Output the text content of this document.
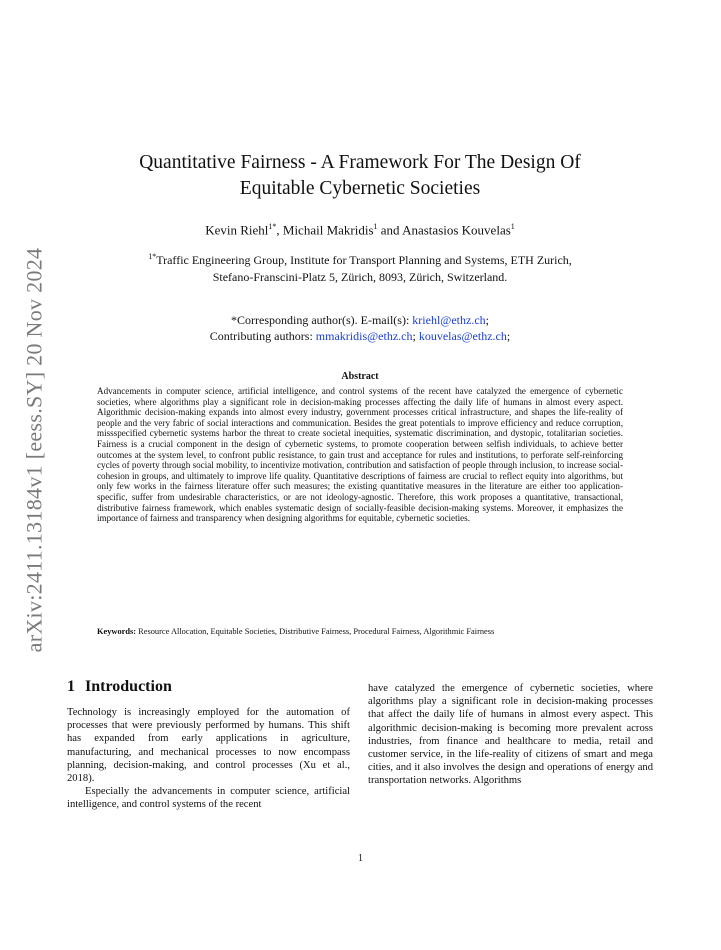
arXiv:2411.13184v1 [eess.SY] 20 Nov 2024
Quantitative Fairness - A Framework For The Design Of
Equitable Cybernetic Societies
Kevin Riehl$^{1*}$, Michail Makridis$^1$ and Anastasios Kouvelas$^1$
$^{1*}$Traffic Engineering Group, Institute for Transport Planning and Systems, ETH Zurich,
Stefano-Franscini-Platz 5, Zürich, 8093, Zürich, Switzerland.
*Corresponding author(s). E-mail(s): kriehl@ethz.ch;
Contributing authors: mmakridis@ethz.ch; kouvelas@ethz.ch;
Abstract
Advancements in computer science, artificial intelligence, and control systems of the recent have catalyzed the emergence of cybernetic societies, where algorithms play a significant role in decision-making processes affecting the daily life of humans in almost every aspect. Algorithmic decision-making expands into almost every industry, government processes critical infrastructure, and shapes the life-reality of people and the very fabric of social interactions and communication. Besides the great potentials to improve efficiency and reduce corruption, missspecified cybernetic systems harbor the threat to create societal inequities, systematic discrimination, and dystopic, totalitarian societies. Fairness is a crucial component in the design of cybernetic systems, to promote cooperation between selfish individuals, to achieve better outcomes at the system level, to confront public resistance, to gain trust and acceptance for rules and institutions, to perforate self-reinforcing cycles of poverty through social mobility, to incentivize motivation, contribution and satisfaction of people through inclusion, to increase social-cohesion in groups, and ultimately to improve life quality. Quantitative descriptions of fairness are crucial to reflect equity into algorithms, but only few works in the fairness literature offer such measures; the existing quantitative measures in the literature are either too application-specific, suffer from undesirable characteristics, or are not ideology-agnostic. Therefore, this work proposes a quantitative, transactional, distributive fairness framework, which enables systematic design of socially-feasible decision-making systems. Moreover, it emphasizes the importance of fairness and transparency when designing algorithms for equitable, cybernetic societies.
Keywords: Resource Allocation, Equitable Societies, Distributive Fairness, Procedural Fairness, Algorithmic Fairness
1 Introduction

Technology is increasingly employed for the automation of processes that were previously performed by humans. This shift has expanded from early applications in agriculture, manufacturing, and mechanical processes to now encompass planning, decision-making, and control processes (Xu et al., 2018).

Especially the advancements in computer science, artificial intelligence, and control systems of the recent

have catalyzed the emergence of cybernetic societies, where algorithms play a significant role in decision-making processes that affect the daily life of humans in almost every aspect. This algorithmic decision-making is becoming more prevalent across industries, from finance and healthcare to media, retail and customer service, in the life-reality of citizens of smart and mega cities, and it also involves the design and operations of energy and transportation networks. Algorithms

1
